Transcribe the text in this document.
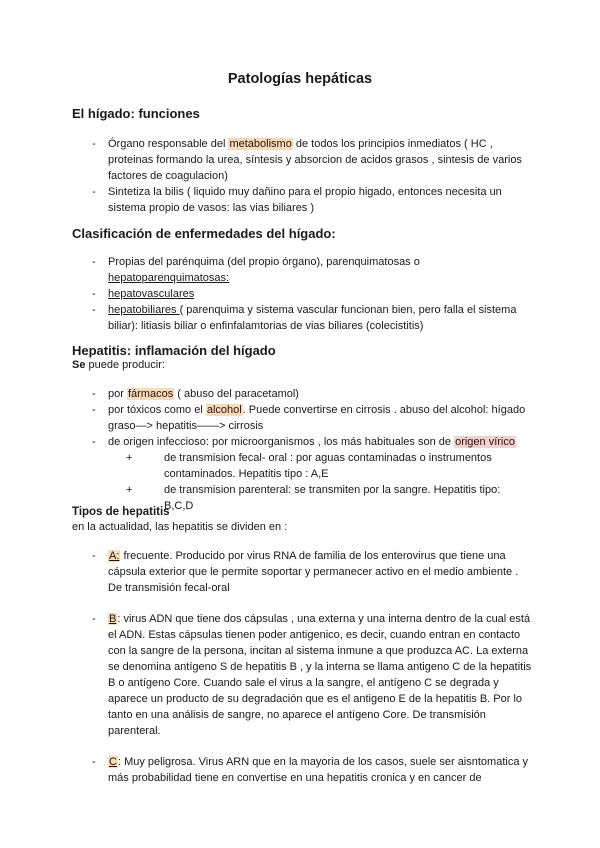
Patologías hepáticas
El hígado: funciones
- Órgano responsable del metabolismo de todos los principios inmediatos ( HC , proteinas formando la urea, síntesis y absorcion de acidos grasos , sintesis de varios factores de coagulacion)
- Sintetiza la bilis ( liquido muy dañino para el propio higado, entonces necesita un sistema propio de vasos: las vias biliares )
Clasificación de enfermedades del hígado:
- Propias del parénquima (del propio órgano), parenquimatosas o hepatoparenquimatosas:
- hepatovasculares
- hepatobiliares ( parenquima y sistema vascular funcionan bien, pero falla el sistema biliar): litiasis biliar o enfinfalamtorias de vias biliares (colecistitis)
Hepatitis: inflamación del hígado
Se puede producir:
- por fármacos ( abuso del paracetamol)
- por tóxicos como el alcohol. Puede convertirse en cirrosis . abuso del alcohol: hígado graso—> hepatitis——> cirrosis
- de origen infeccioso: por microorganismos , los más habituales son de origen vírico
+ de transmision fecal- oral : por aguas contaminadas o instrumentos contaminados. Hepatitis tipo : A,E
+ de transmision parenteral: se transmiten por la sangre. Hepatitis tipo: B,C,D
Tipos de hepatitis
en la actualidad, las hepatitis se dividen en :
- A: frecuente. Producido por virus RNA de familia de los enterovirus que tiene una cápsula exterior que le permite soportar y permanecer activo en el medio ambiente . De transmisión fecal-oral
- B: virus ADN que tiene dos cápsulas , una externa y una interna dentro de la cual está el ADN. Estas cápsulas tienen poder antigenico, es decir, cuando entran en contacto con la sangre de la persona, incitan al sistema inmune a que produzca AC. La externa se denomina antígeno S de hepatitis B , y la interna se llama antigeno C de la hepatitis B o antígeno Core. Cuando sale el virus a la sangre, el antígeno C se degrada y aparece un producto de su degradación que es el antigeno E de la hepatitis B. Por lo tanto en una análisis de sangre, no aparece el antígeno Core. De transmisión parenteral.
- C: Muy peligrosa. Virus ARN que en la mayoria de los casos, suele ser aisntomatica y más probabilidad tiene en convertise en una hepatitis cronica y en cancer de
